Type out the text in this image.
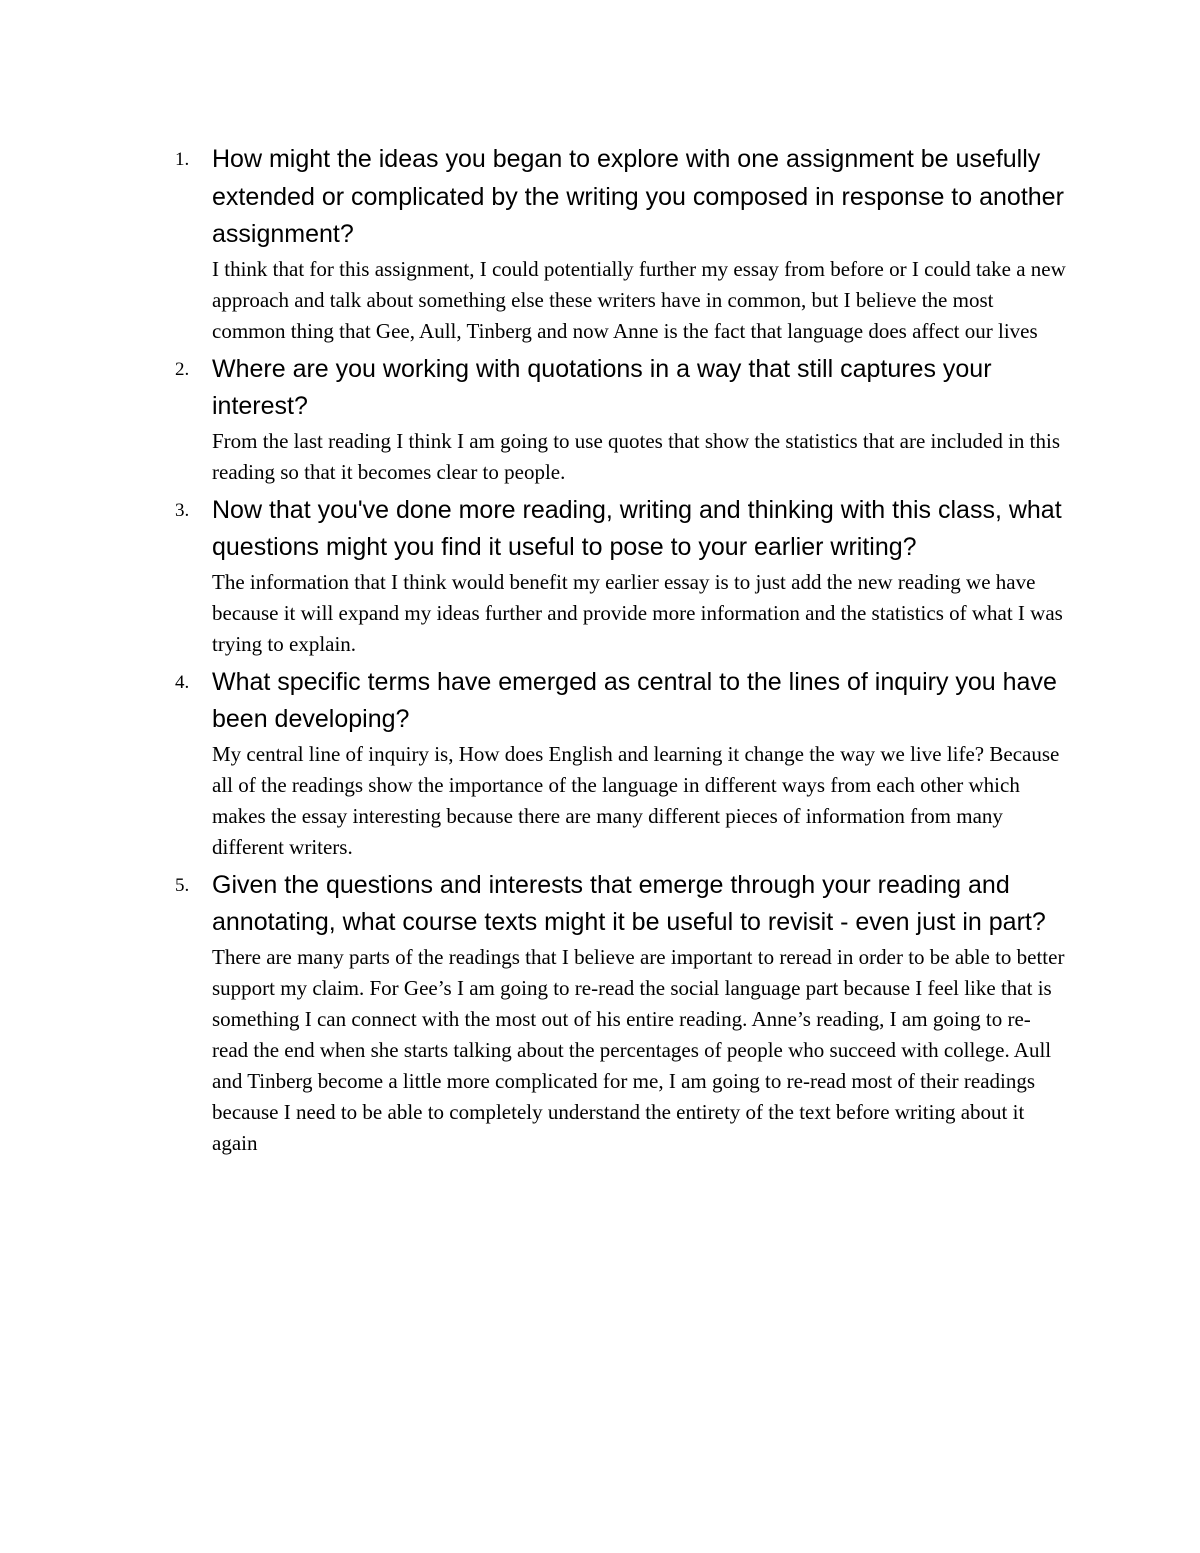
1. How might the ideas you began to explore with one assignment be usefully extended or complicated by the writing you composed in response to another assignment?

I think that for this assignment, I could potentially further my essay from before or I could take a new approach and talk about something else these writers have in common, but I believe the most common thing that Gee, Aull, Tinberg and now Anne is the fact that language does affect our lives

2. Where are you working with quotations in a way that still captures your interest?

From the last reading I think I am going to use quotes that show the statistics that are included in this reading so that it becomes clear to people.

3. Now that you've done more reading, writing and thinking with this class, what questions might you find it useful to pose to your earlier writing?

The information that I think would benefit my earlier essay is to just add the new reading we have because it will expand my ideas further and provide more information and the statistics of what I was trying to explain.

4. What specific terms have emerged as central to the lines of inquiry you have been developing?

My central line of inquiry is, How does English and learning it change the way we live life? Because all of the readings show the importance of the language in different ways from each other which makes the essay interesting because there are many different pieces of information from many different writers.

5. Given the questions and interests that emerge through your reading and annotating, what course texts might it be useful to revisit - even just in part?

There are many parts of the readings that I believe are important to reread in order to be able to better support my claim. For Gee’s I am going to re-read the social language part because I feel like that is something I can connect with the most out of his entire reading. Anne’s reading, I am going to re- read the end when she starts talking about the percentages of people who succeed with college. Aull and Tinberg become a little more complicated for me, I am going to re-read most of their readings because I need to be able to completely understand the entirety of the text before writing about it again
